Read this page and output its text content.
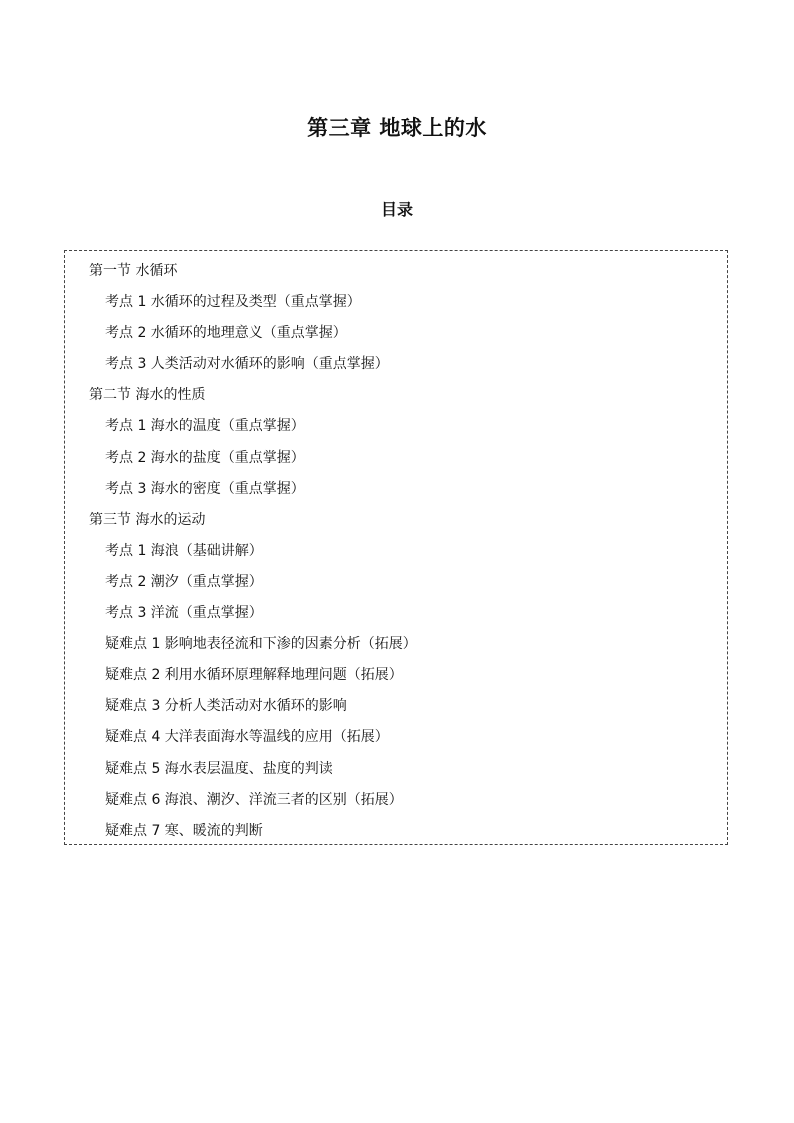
第三章 地球上的水
目录
第一节 水循环
考点 1 水循环的过程及类型（重点掌握）
考点 2 水循环的地理意义（重点掌握）
考点 3 人类活动对水循环的影响（重点掌握）
第二节 海水的性质
考点 1 海水的温度（重点掌握）
考点 2 海水的盐度（重点掌握）
考点 3 海水的密度（重点掌握）
第三节 海水的运动
考点 1 海浪（基础讲解）
考点 2 潮汐（重点掌握）
考点 3 洋流（重点掌握）
疑难点 1 影响地表径流和下渗的因素分析（拓展）
疑难点 2 利用水循环原理解释地理问题（拓展）
疑难点 3 分析人类活动对水循环的影响
疑难点 4 大洋表面海水等温线的应用（拓展）
疑难点 5 海水表层温度、盐度的判读
疑难点 6 海浪、潮汐、洋流三者的区别（拓展）
疑难点 7 寒、暖流的判断
